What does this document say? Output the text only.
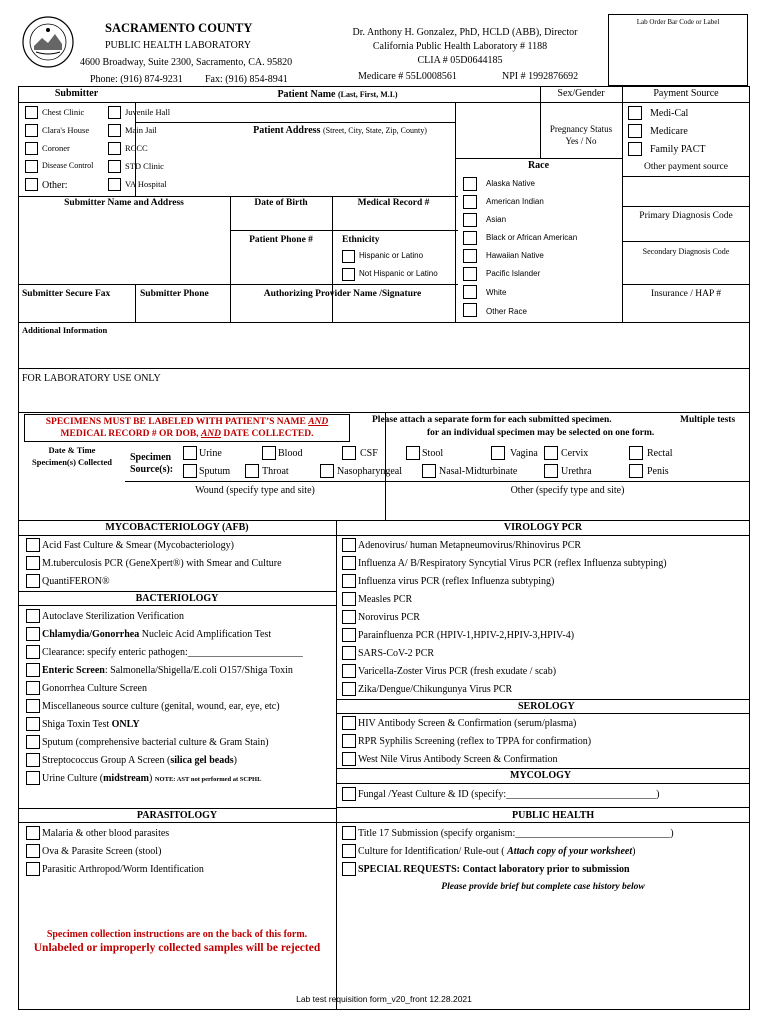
SACRAMENTO COUNTY
PUBLIC HEALTH LABORATORY
4600 Broadway, Suite 2300, Sacramento, CA. 95820
Phone: (916) 874-9231 Fax: (916) 854-8941
Dr. Anthony H. Gonzalez, PhD, HCLD (ABB), Director
California Public Health Laboratory # 1188
CLIA # 05D0644185
Medicare # 55L0008561	NPI # 1992876692
Lab Order Bar Code or Label
Submitter
Chest Clinic	Juvenile Hall
Clara's House	Main Jail
Coroner	RCCC
Disease Control	STD Clinic
Other:	VA Hospital
Patient Name (Last, First, M.I.)
Patient Address (Street, City, State, Zip, County)
Sex/Gender
Pregnancy Status
Yes / No
Submitter Name and Address	Date of Birth	Medical Record #
Patient Phone #	Ethnicity
Hispanic or Latino
Not Hispanic or Latino
Submitter Secure Fax	Submitter Phone	Authorizing Provider Name /Signature
Race
Alaska Native
American Indian
Asian
Black or African American
Hawaiian Native
Pacific Islander
White
Other Race
Payment Source
Medi-Cal
Medicare
Family PACT
Other payment source
Primary Diagnosis Code
Secondary Diagnosis Code
Insurance / HAP #
Additional Information
FOR LABORATORY USE ONLY
SPECIMENS MUST BE LABELED WITH PATIENT’S NAME AND
MEDICAL RECORD # OR DOB, AND DATE COLLECTED.
Please attach a separate form for each submitted specimen.	Multiple tests
for an individual specimen may be selected on one form.
Date & Time
Specimen(s) Collected	Specimen
Source(s):
Urine	Blood	CSF	Stool	Vagina Cervix	Rectal
Sputum	Throat	Nasopharyngeal	Nasal-Midturbinate	Urethra	Penis
Wound (specify type and site)	Other (specify type and site)
MYCOBACTERIOLOGY (AFB)	VIROLOGY PCR
Acid Fast Culture & Smear (Mycobacteriology)
M.tuberculosis PCR (GeneXpert®) with Smear and Culture
QuantiFERON®
BACTERIOLOGY
Autoclave Sterilization Verification
Chlamydia/Gonorrhea Nucleic Acid Amplification Test
Clearance: specify enteric pathogen:_______________________
Enteric Screen: Salmonella/Shigella/E.coli O157/Shiga Toxin
Gonorrhea Culture Screen
Miscellaneous source culture (genital, wound, ear, eye, etc)
Shiga Toxin Test ONLY
Sputum (comprehensive bacterial culture & Gram Stain)
Streptococcus Group A Screen (silica gel beads)
Urine Culture (midstream) NOTE: AST not performed at SCPHL
PARASITOLOGY
Malaria & other blood parasites
Ova & Parasite Screen (stool)
Parasitic Arthropod/Worm Identification
Adenovirus/ human Metapneumovirus/Rhinovirus PCR
Influenza A/ B/Respiratory Syncytial Virus PCR (reflex Influenza subtyping)
Influenza virus PCR (reflex Influenza subtyping)
Measles PCR
Norovirus PCR
Parainfluenza PCR (HPIV-1,HPIV-2,HPIV-3,HPIV-4)
SARS-CoV-2 PCR
Varicella-Zoster Virus PCR (fresh exudate / scab)
Zika/Dengue/Chikungunya Virus PCR
SEROLOGY
HIV Antibody Screen & Confirmation (serum/plasma)
RPR Syphilis Screening (reflex to TPPA for confirmation)
West Nile Virus Antibody Screen & Confirmation
MYCOLOGY
Fungal /Yeast Culture & ID (specify:______________________________)
PUBLIC HEALTH
Title 17 Submission (specify organism:_______________________________)
Culture for Identification/ Rule-out ( Attach copy of your worksheet)
SPECIAL REQUESTS: Contact laboratory prior to submission
Please provide brief but complete case history below
Specimen collection instructions are on the back of this form.
Unlabeled or improperly collected samples will be rejected
Lab test requisition form_v20_front 12.28.2021
